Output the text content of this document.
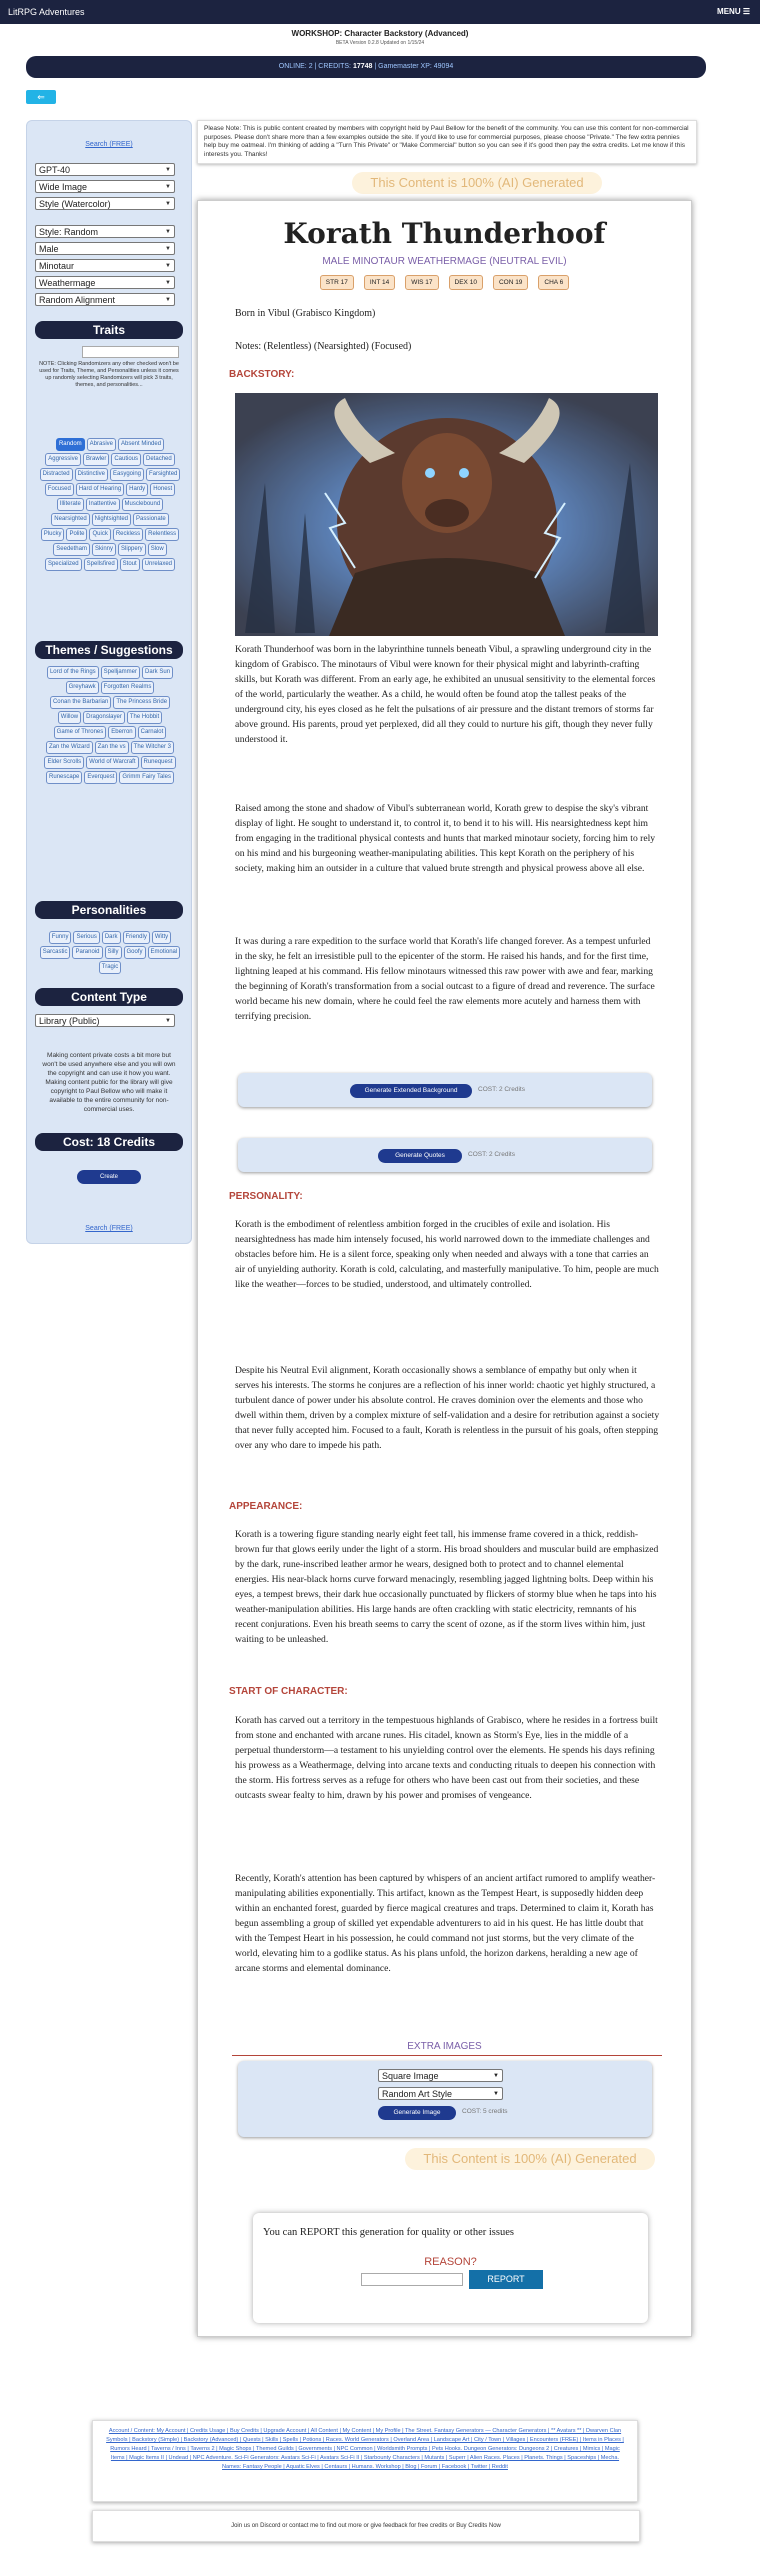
LitRPG Adventures	MENU ☰
WORKSHOP: Character Backstory (Advanced)
BETA Version 0.2.8 Updated on 1/15/24
ONLINE: 2 | CREDITS: 17748 | Gamemaster XP: 49094
⇐
Search (FREE)
GPT-40	▼
Wide Image	▼
Style (Watercolor)	▼
Style: Random	▼
Male	▼
Minotaur	▼
Weathermage	▼
Random Alignment	▼
Traits
NOTE: Clicking Randomizers any other checked won't be used for Traits, Theme, and Personalities unless it comes up randomly selecting Randomizers will pick 3 traits, themes, and personalities...
Random	Abrasive	Absent Minded
Aggressive	Brawler	Cautious	Detached
Distracted	Distinctive	Easygoing	Farsighted
Focused	Hard of Hearing	Hardy	Honest
Illiterate	Inattentive	Musclebound
Nearsighted	Nightsighted	Passionate
Plucky	Polite	Quick	Reckless	Relentless
Seedetham	Skinny	Slippery	Slow
Specialized	Spellsfired	Stout	Unrelaxed
Themes / Suggestions
Lord of the Rings	Spelljammer	Dark Sun
Greyhawk	Forgotten Realms
Conan the Barbarian	The Princess Bride
Willow	Dragonslayer	The Hobbit
Game of Thrones	Eberron	Carnalot
Zan the Wizard	Zan the vs	The Witcher 3
Elder Scrolls	World of Warcraft	Runequest
Runescape	Everquest	Grimm Fairy Tales
Personalities
Funny	Serious	Dark	Friendly	Witty
Sarcastic	Paranoid	Silly	Goofy	Emotional
Tragic
Content Type
Library (Public)	▼
Making content private costs a bit more but won't be used anywhere else and you will own the copyright and can use it how you want. Making content public for the library will give copyright to Paul Bellow who will make it available to the entire community for non-commercial uses.
Cost: 18 Credits
Create
Search (FREE)
Please Note: This is public content created by members with copyright held by Paul Bellow for the benefit of the community. You can use this content for non-commercial purposes. Please don't share more than a few examples outside the site. If you'd like to use for commercial purposes, please choose "Private." The few extra pennies help buy me oatmeal. I'm thinking of adding a "Turn This Private" or "Make Commercial" button so you can see if it's good then pay the extra credits. Let me know if this interests you. Thanks!
This Content is 100% (AI) Generated
Korath Thunderhoof
MALE MINOTAUR WEATHERMAGE (NEUTRAL EVIL)
STR 17	INT 14	WIS 17	DEX 10	CON 19	CHA 6
Born in Vibul (Grabisco Kingdom)
Notes: (Relentless) (Nearsighted) (Focused)
BACKSTORY:
Korath Thunderhoof was born in the labyrinthine tunnels beneath Vibul, a sprawling underground city in the kingdom of Grabisco. The minotaurs of Vibul were known for their physical might and labyrinth-crafting skills, but Korath was different. From an early age, he exhibited an unusual sensitivity to the elemental forces of the world, particularly the weather. As a child, he would often be found atop the tallest peaks of the underground city, his eyes closed as he felt the pulsations of air pressure and the distant tremors of storms far above ground. His parents, proud yet perplexed, did all they could to nurture his gift, though they never fully understood it.
Raised among the stone and shadow of Vibul's subterranean world, Korath grew to despise the sky's vibrant display of light. He sought to understand it, to control it, to bend it to his will. His nearsightedness kept him from engaging in the traditional physical contests and hunts that marked minotaur society, forcing him to rely on his mind and his burgeoning weather-manipulating abilities. This kept Korath on the periphery of his society, making him an outsider in a culture that valued brute strength and physical prowess above all else.
It was during a rare expedition to the surface world that Korath's life changed forever. As a tempest unfurled in the sky, he felt an irresistible pull to the epicenter of the storm. He raised his hands, and for the first time, lightning leaped at his command. His fellow minotaurs witnessed this raw power with awe and fear, marking the beginning of Korath's transformation from a social outcast to a figure of dread and reverence. The surface world became his new domain, where he could feel the raw elements more acutely and harness them with terrifying precision.
Generate Extended Background	COST: 2 Credits
Generate Quotes	COST: 2 Credits
PERSONALITY:
Korath is the embodiment of relentless ambition forged in the crucibles of exile and isolation. His nearsightedness has made him intensely focused, his world narrowed down to the immediate challenges and obstacles before him. He is a silent force, speaking only when needed and always with a tone that carries an air of unyielding authority. Korath is cold, calculating, and masterfully manipulative. To him, people are much like the weather—forces to be studied, understood, and ultimately controlled.
Despite his Neutral Evil alignment, Korath occasionally shows a semblance of empathy but only when it serves his interests. The storms he conjures are a reflection of his inner world: chaotic yet highly structured, a turbulent dance of power under his absolute control. He craves dominion over the elements and those who dwell within them, driven by a complex mixture of self-validation and a desire for retribution against a society that never fully accepted him. Focused to a fault, Korath is relentless in the pursuit of his goals, often stepping over any who dare to impede his path.
APPEARANCE:
Korath is a towering figure standing nearly eight feet tall, his immense frame covered in a thick, reddish-brown fur that glows eerily under the light of a storm. His broad shoulders and muscular build are emphasized by the dark, rune-inscribed leather armor he wears, designed both to protect and to channel elemental energies. His near-black horns curve forward menacingly, resembling jagged lightning bolts. Deep within his eyes, a tempest brews, their dark hue occasionally punctuated by flickers of stormy blue when he taps into his weather-manipulation abilities. His large hands are often crackling with static electricity, remnants of his recent conjurations. Even his breath seems to carry the scent of ozone, as if the storm lives within him, just waiting to be unleashed.
START OF CHARACTER:
Korath has carved out a territory in the tempestuous highlands of Grabisco, where he resides in a fortress built from stone and enchanted with arcane runes. His citadel, known as Storm's Eye, lies in the middle of a perpetual thunderstorm—a testament to his unyielding control over the elements. He spends his days refining his prowess as a Weathermage, delving into arcane texts and conducting rituals to deepen his connection with the storm. His fortress serves as a refuge for others who have been cast out from their societies, and these outcasts swear fealty to him, drawn by his power and promises of vengeance.
Recently, Korath's attention has been captured by whispers of an ancient artifact rumored to amplify weather-manipulating abilities exponentially. This artifact, known as the Tempest Heart, is supposedly hidden deep within an enchanted forest, guarded by fierce magical creatures and traps. Determined to claim it, Korath has begun assembling a group of skilled yet expendable adventurers to aid in his quest. He has little doubt that with the Tempest Heart in his possession, he could command not just storms, but the very climate of the world, elevating him to a godlike status. As his plans unfold, the horizon darkens, heralding a new age of arcane storms and elemental dominance.
EXTRA IMAGES
Square Image	▼
Random Art Style	▼
Generate Image	COST: 5 credits
This Content is 100% (AI) Generated
You can REPORT this generation for quality or other issues
REASON?
REPORT
Account / Content: My Account | Credits Usage | Buy Credits | Upgrade Account | All Content | My Content | My Profile | The Street. Fantasy Generators — Character Generators | ** Avatars ** | Dwarven Clan Symbols | Backstory (Simple) | Backstory (Advanced) | Quests | Skills | Spells | Potions | Races. World Generators | Overland Area | Landscape Art | City / Town | Villages | Encounters (FREE) | Items in Places | Rumors Heard | Taverns / Inns | Taverns 2 | Magic Shops | Themed Guilds | Governments | NPC Common | Worldsmith Prompts | Pets Hooks. Dungeon Generators: Dungeons 2 | Creatures | Mimics | Magic Items | Magic Items II | Undead | NPC Adventure. Sci-Fi Generators: Avatars Sci-Fi | Avatars Sci-Fi II | Starbounty Characters | Mutants | Superr | Alien Races. Places | Planets. Things | Spaceships | Mecha. Names: Fantasy People | Aquatic Elves | Centaurs | Humans. Workshop | Blog | Forum | Facebook | Twitter | Reddit
Join us on Discord or contact me to find out more or give feedback for free credits or Buy Credits Now
